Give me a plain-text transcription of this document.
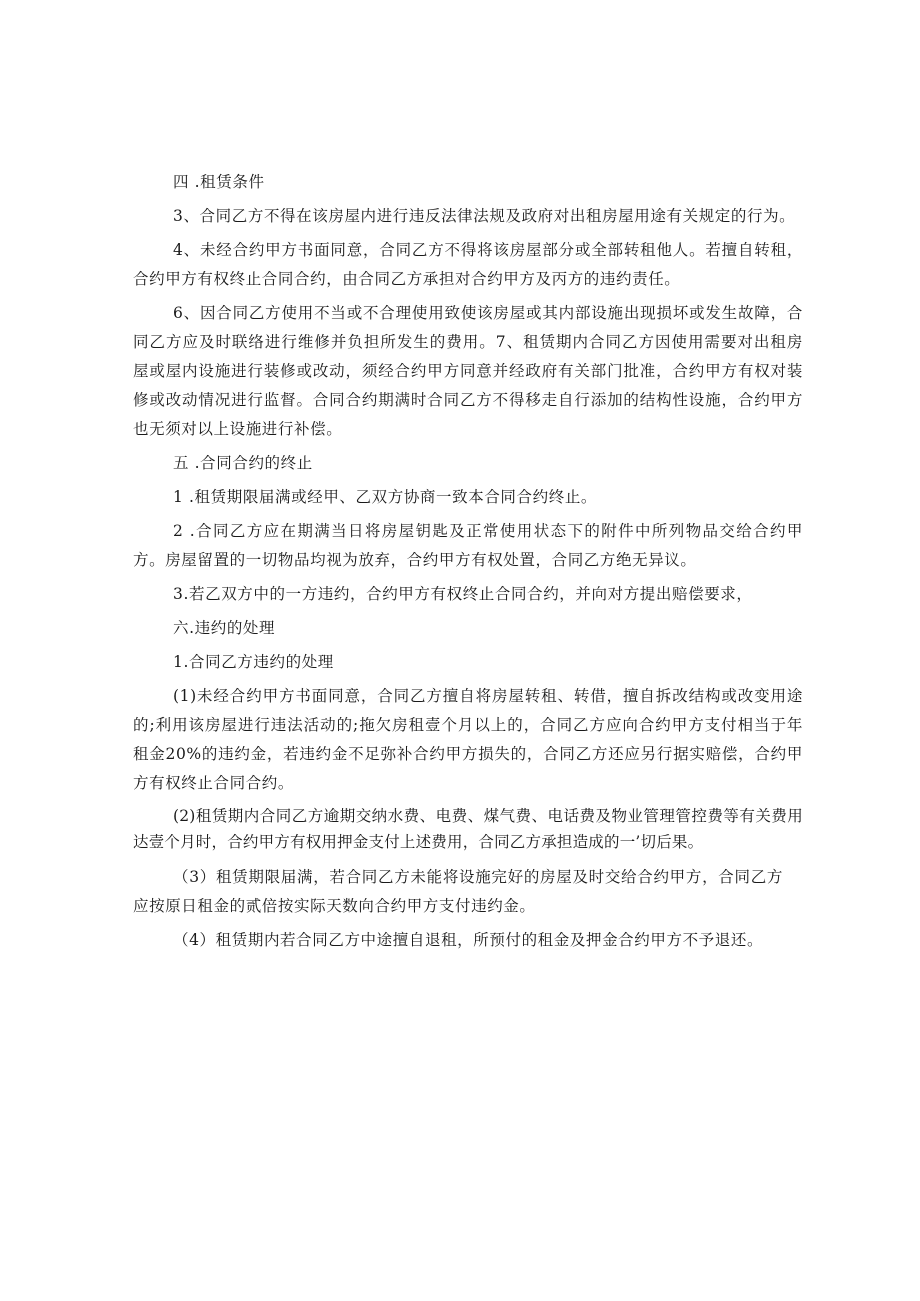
四 .租赁条件

3、合同乙方不得在该房屋内进行违反法律法规及政府对出租房屋用途有关规定的行为。

4、未经合约甲方书面同意，合同乙方不得将该房屋部分或全部转租他人。若擅自转租，合约甲方有权终止合同合约，由合同乙方承担对合约甲方及丙方的违约责任。

6、因合同乙方使用不当或不合理使用致使该房屋或其内部设施出现损坏或发生故障，合同乙方应及时联络进行维修并负担所发生的费用。7、租赁期内合同乙方因使用需要对出租房屋或屋内设施进行装修或改动，须经合约甲方同意并经政府有关部门批准，合约甲方有权对装修或改动情况进行监督。合同合约期满时合同乙方不得移走自行添加的结构性设施，合约甲方也无须对以上设施进行补偿。

五 .合同合约的终止

1 .租赁期限届满或经甲、乙双方协商一致本合同合约终止。

2 .合同乙方应在期满当日将房屋钥匙及正常使用状态下的附件中所列物品交给合约甲方。房屋留置的一切物品均视为放弃，合约甲方有权处置，合同乙方绝无异议。

3.若乙双方中的一方违约，合约甲方有权终止合同合约，并向对方提出赔偿要求，

六.违约的处理

1.合同乙方违约的处理

(1)未经合约甲方书面同意，合同乙方擅自将房屋转租、转借，擅自拆改结构或改变用途的;利用该房屋进行违法活动的;拖欠房租壹个月以上的，合同乙方应向合约甲方支付相当于年租金20%的违约金，若违约金不足弥补合约甲方损失的，合同乙方还应另行据实赔偿，合约甲方有权终止合同合约。

(2)租赁期内合同乙方逾期交纳水费、电费、煤气费、电话费及物业管理管控费等有关费用达壹个月时，合约甲方有权用押金支付上述费用，合同乙方承担造成的一’切后果。

（3）租赁期限届满，若合同乙方未能将设施完好的房屋及时交给合约甲方，合同乙方应按原日租金的贰倍按实际天数向合约甲方支付违约金。

（4）租赁期内若合同乙方中途擅自退租，所预付的租金及押金合约甲方不予退还。
